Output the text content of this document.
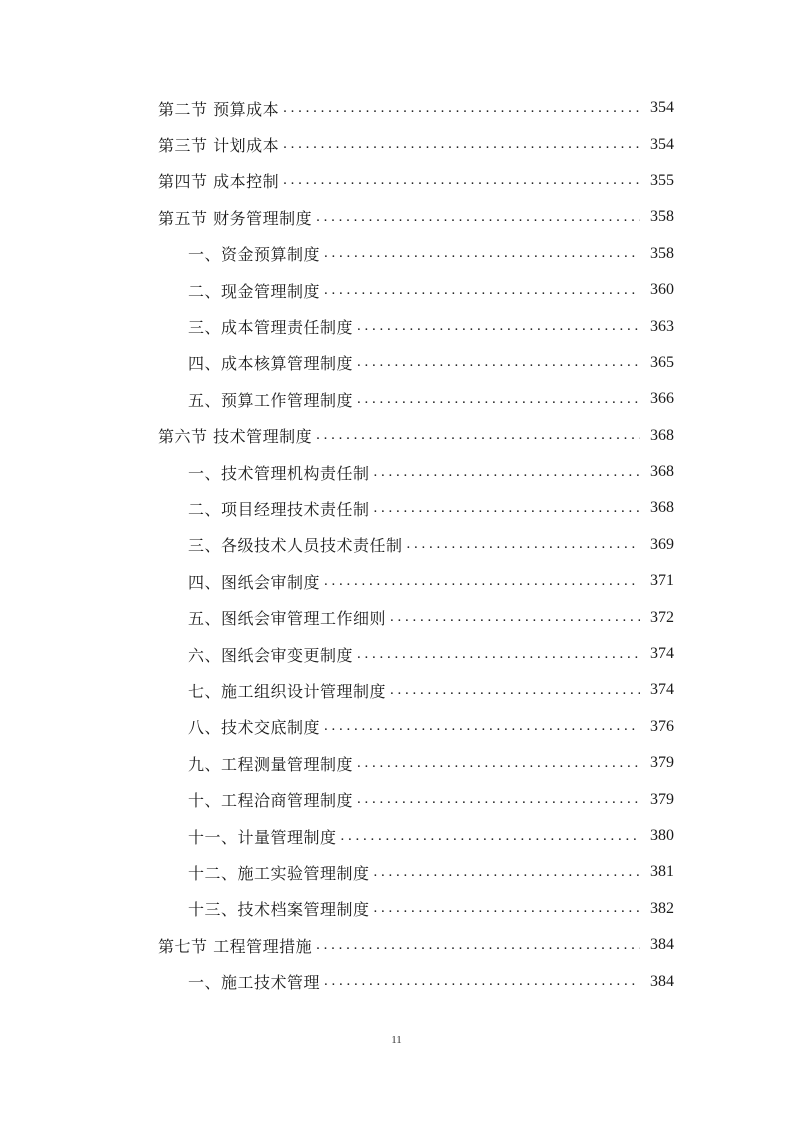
第二节 预算成本 . . .	354
第三节 计划成本 . . .	354
第四节 成本控制 . . .	355
第五节 财务管理制度 . . .	358
一、资金预算制度 . . .	358
二、现金管理制度 . . .	360
三、成本管理责任制度 . . .	363
四、成本核算管理制度 . . .	365
五、预算工作管理制度 . . .	366
第六节 技术管理制度 . . .	368
一、技术管理机构责任制 . . .	368
二、项目经理技术责任制 . . .	368
三、各级技术人员技术责任制 . . .	369
四、图纸会审制度 . . .	371
五、图纸会审管理工作细则 . . .	372
六、图纸会审变更制度 . . .	374
七、施工组织设计管理制度 . . .	374
八、技术交底制度 . . .	376
九、工程测量管理制度 . . .	379
十、工程洽商管理制度 . . .	379
十一、计量管理制度 . . .	380
十二、施工实验管理制度 . . .	381
十三、技术档案管理制度 . . .	382
第七节 工程管理措施 . . .	384
一、施工技术管理 . . .	384
11
